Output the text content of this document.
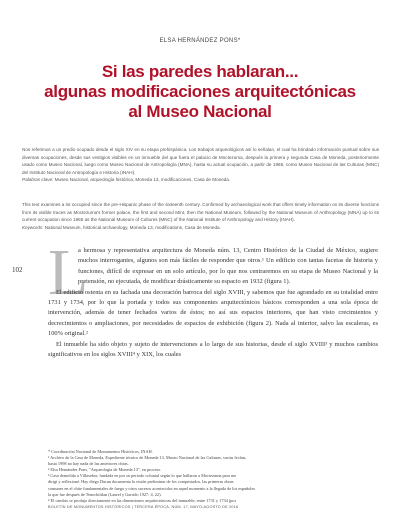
ELSA HERNÁNDEZ PONS*
Si las paredes hablaran...
algunas modificaciones arquitectónicas
al Museo Nacional

Nos referimos a un predio ocupado desde el siglo XIV en su etapa prehispánica. Los trabajos arqueológicos así lo señalan, el cual ha brindado información puntual sobre sus diversas ocupaciones, desde sus vestigios visibles en un inmueble del que fuera el palacio de Moctezuma, después la primera y segunda Casa de Moneda, posteriormente usado como Museo Nacional, luego como Museo Nacional de Antropología (MNA), hasta su actual ocupación, a partir de 1965, como Museo Nacional de las Culturas (MNC) del Instituto Nacional de Antropología e Historia (INAH).

Palabras clave: Museo Nacional, arqueología histórica, Moneda 13, modificaciones, Casa de Moneda.

This text examines a lot occupied since the pre-Hispanic phase of the sixteenth century. Confirmed by archaeological work that offers timely information on its diverse functions from its visible traces as Moctezuma's former palace, the first and second Mint, then the National Museum, followed by the National Museum of Anthropology (MNA) up to its current occupation since 1965 as the National Museum of Cultures (MNC) of the National Institute of Anthropology and History (INAH).

Keywords: National Museum, historical archaeology, Moneda 13, modifications, Casa de Moneda.

102 L

a hermosa y representativa arquitectura de Moneda núm. 13, Centro Histórico de la Ciudad de México, sugiere muchos interrogantes, algunos son más fáciles de responder que otros.¹ Un edificio con tantas facetas de historia y funciones, difícil de expresar en un solo artículo, por lo que nos centraremos en su etapa de Museo Nacional y la pretensión, no ejecutada, de modificar drásticamente su espacio en 1932 (figura 1).

El edificio ostenta en su fachada una decoración barroca del siglo XVIII, y sabemos que fue agrandado en su totalidad entre 1731 y 1734, por lo que la portada y todos sus componentes arquitectónicos básicos corresponden a una sola época de intervención, además de tener fechados varios de éstos; no así sus espacios interiores, que han visto crecimientos y decrecimientos o ampliaciones, por necesidades de espacios de exhibición (figura 2). Nada al interior, salvo las escaleras, es 100% original.²

El inmueble ha sido objeto y sujeto de intervenciones a lo largo de sus historias, desde el siglo XVIII³ y muchos cambios significativos en los siglos XVIII⁴ y XIX, los cuales

* Coordinación Nacional de Monumentos Históricos, INAH.

¹ Archivo de la Casa de Moneda, Expediente técnico de Moneda 13, Museo Nacional de las Culturas, varias fechas,

hasta 1998 no hay nada de las anteriores obras.

² Elsa Hernández Pons, "Arqueología de Moneda 13", en proceso.

³ Casa demolida a Villaseñor, fundada en por su periodo colonial según lo que hallaron a Moctezuma para me

dirigí y reflexioné. Hay diego Duran documenta la visión preliminar de los conquistados, las primeras obras

comunes en el chite fundamentales de fuego y otros sucesos acontecidos en aquel momento a la llegada de los españoles

la que fue después de Tenochtitlan (Laurel y Garrido 1927: 4, 22).

⁴ El cambio se produjo directamente en las dimensiones arquitectónicas del inmueble, entre 1731 y 1734 (por

BOLETÍN DE MONUMENTOS HISTÓRICOS | TERCERA ÉPOCA, NÚM. 17, MAYO-AGOSTO DE 2016
